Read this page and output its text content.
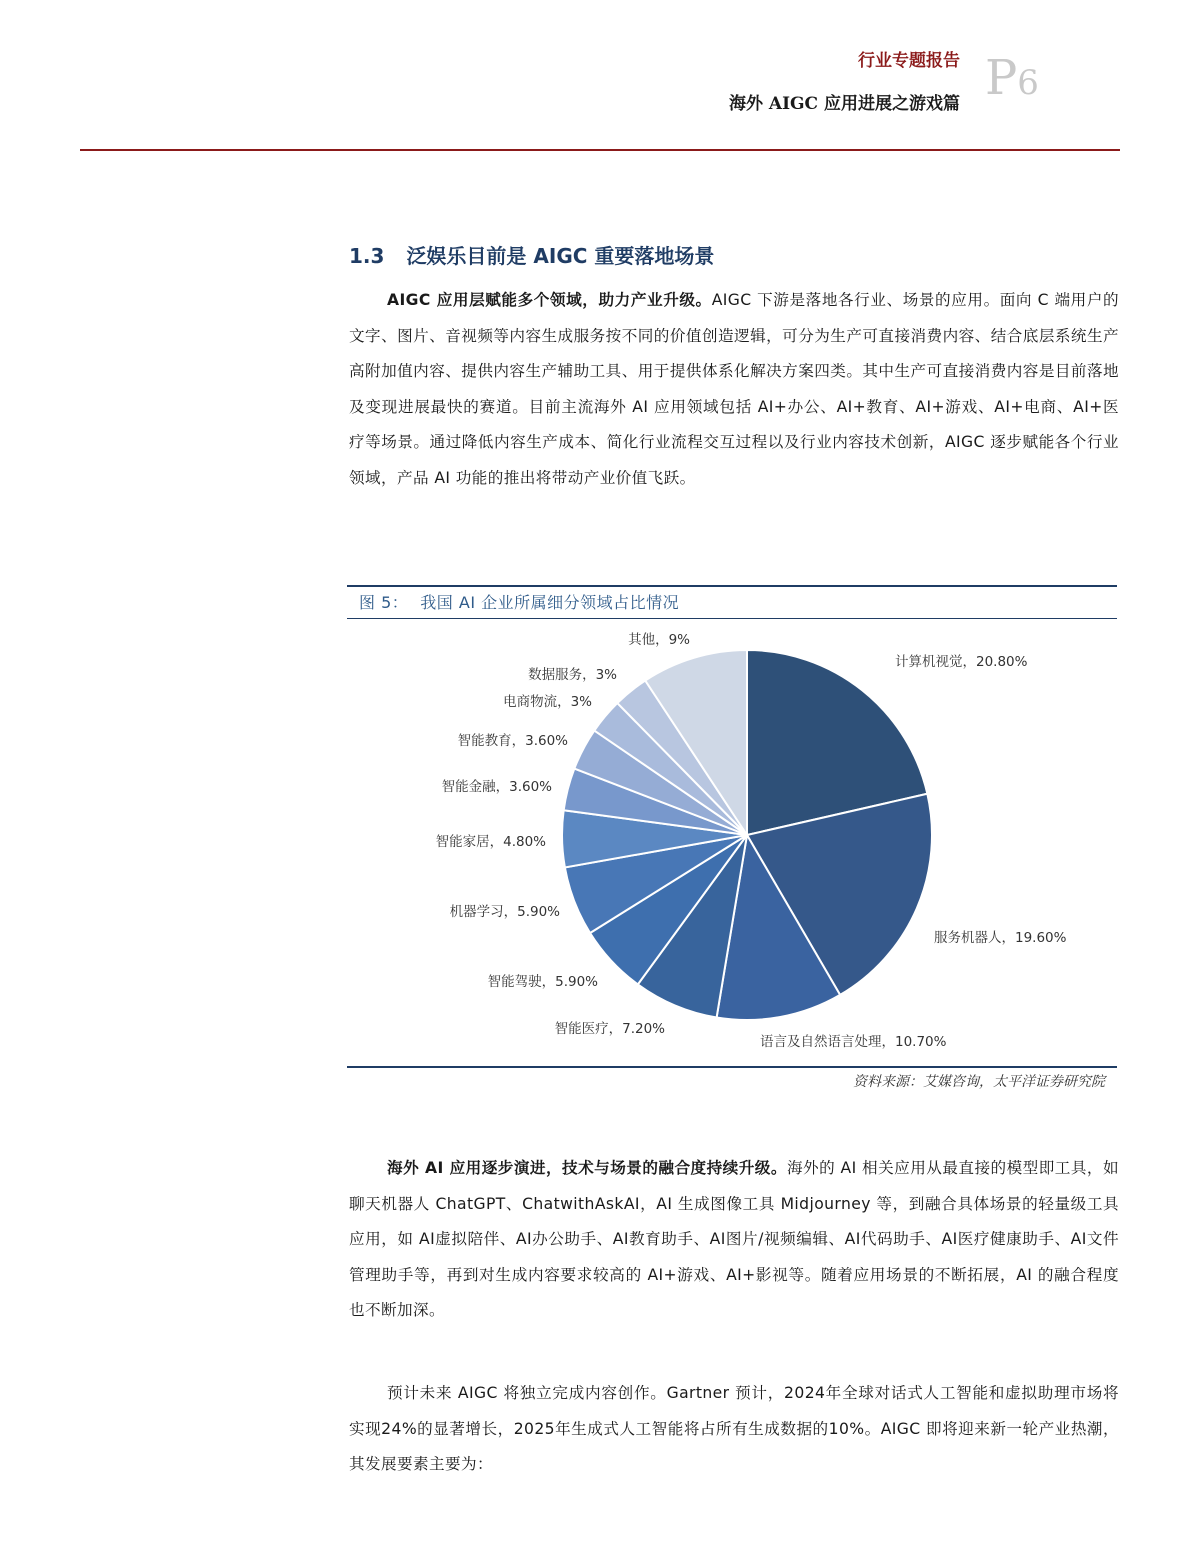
行业专题报告
海外 AIGC 应用进展之游戏篇 P6
1.3 泛娱乐目前是 AIGC 重要落地场景

AIGC 应用层赋能多个领域，助力产业升级。AIGC 下游是落地各行业、场景的应用。面向 C 端用户的文字、图片、音视频等内容生成服务按不同的价值创造逻辑，可分为生产可直接消费内容、结合底层系统生产高附加值内容、提供内容生产辅助工具、用于提供体系化解决方案四类。其中生产可直接消费内容是目前落地及变现进展最快的赛道。目前主流海外 AI 应用领域包括 AI+办公、AI+教育、AI+游戏、AI+电商、AI+医疗等场景。通过降低内容生产成本、简化行业流程交互过程以及行业内容技术创新，AIGC 逐步赋能各个行业领域，产品 AI 功能的推出将带动产业价值飞跃。

图 5： 我国 AI 企业所属细分领域占比情况
计算机视觉，20.80%
服务机器人，19.60%
语言及自然语言处理，10.70%
智能医疗，7.20%
智能驾驶，5.90%
机器学习，5.90%
智能家居，4.80%
智能金融，3.60%
智能教育，3.60%
电商物流，3%
数据服务，3%
其他，9%
资料来源：艾媒咨询，太平洋证券研究院

海外 AI 应用逐步演进，技术与场景的融合度持续升级。海外的 AI 相关应用从最直接的模型即工具，如聊天机器人 ChatGPT、ChatwithAskAI，AI 生成图像工具 Midjourney 等，到融合具体场景的轻量级工具应用，如 AI虚拟陪伴、AI办公助手、AI教育助手、AI图片/视频编辑、AI代码助手、AI医疗健康助手、AI文件管理助手等，再到对生成内容要求较高的 AI+游戏、AI+影视等。随着应用场景的不断拓展，AI 的融合程度也不断加深。

预计未来 AIGC 将独立完成内容创作。Gartner 预计，2024年全球对话式人工智能和虚拟助理市场将实现24%的显著增长，2025年生成式人工智能将占所有生成数据的10%。AIGC 即将迎来新一轮产业热潮，其发展要素主要为：
